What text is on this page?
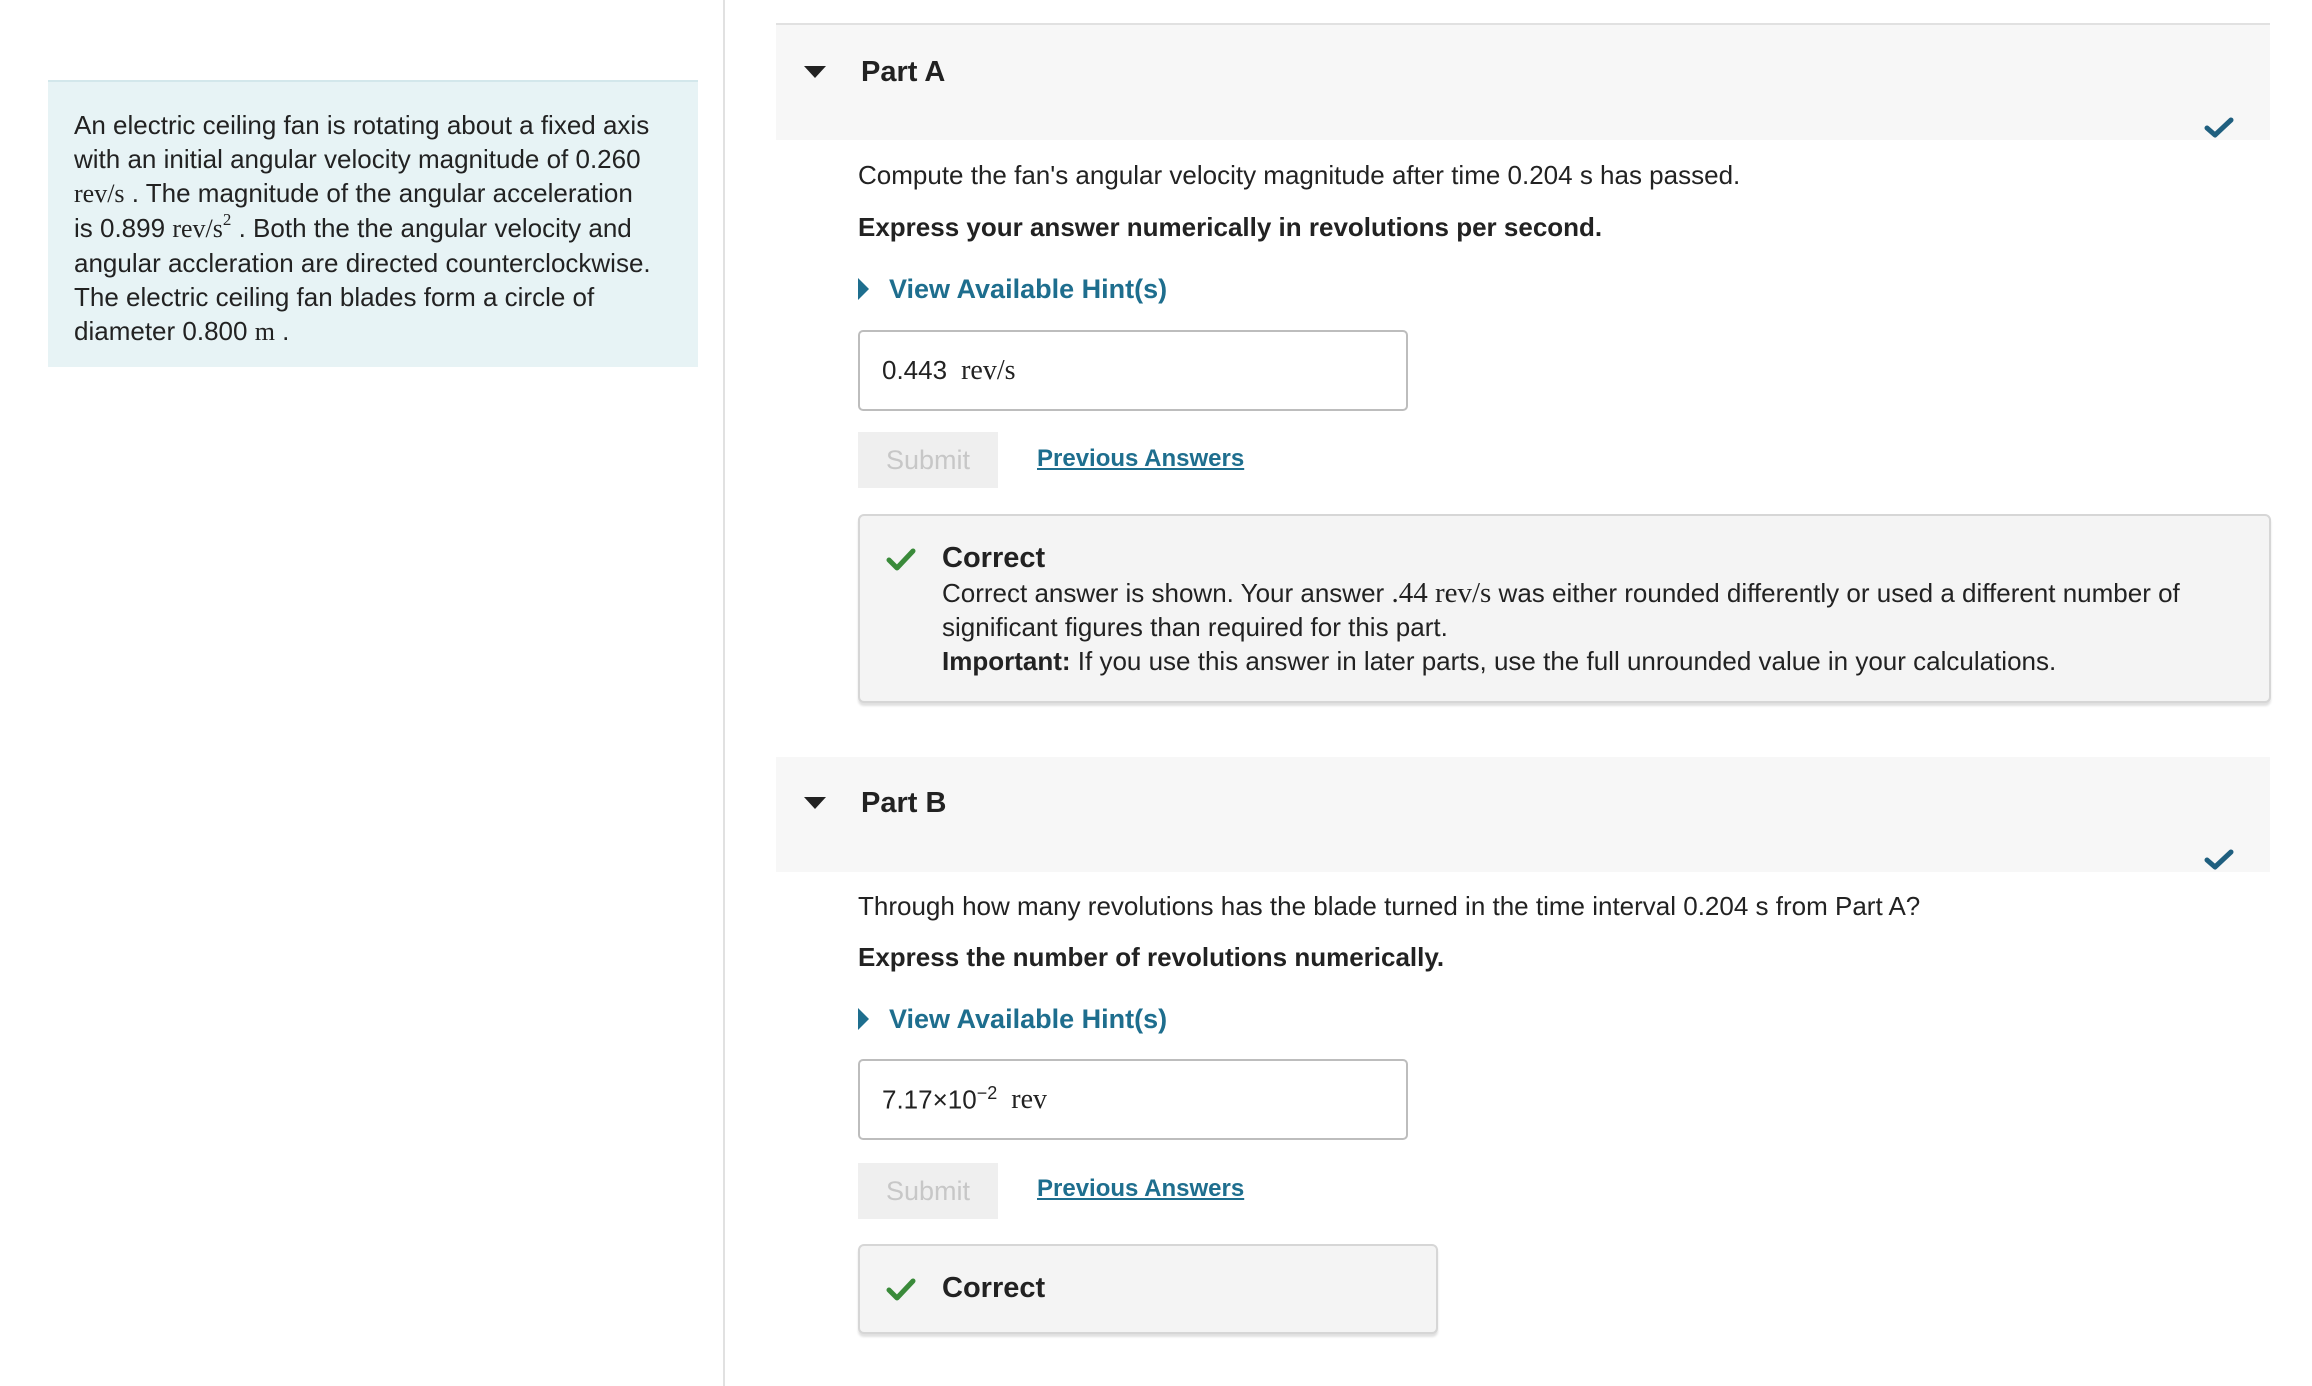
An electric ceiling fan is rotating about a fixed axis
with an initial angular velocity magnitude of 0.260
rev/s . The magnitude of the angular acceleration
is 0.899 rev/$s^2$ . Both the the angular velocity and
angular accleration are directed counterclockwise.
The electric ceiling fan blades form a circle of
diameter 0.800 m .
Part A
Compute the fan's angular velocity magnitude after time 0.204 s has passed.
Express your answer numerically in revolutions per second.
View Available Hint(s)
0.443 rev/s
Submit	Previous Answers
Correct
Correct answer is shown. Your answer .44 rev/s was either rounded differently or used a different number of
significant figures than required for this part.
Important: If you use this answer in later parts, use the full unrounded value in your calculations.
Part B
Through how many revolutions has the blade turned in the time interval 0.204 s from Part A?
Express the number of revolutions numerically.
View Available Hint(s)
$7.17\times 10^{-2}$ rev
Submit	Previous Answers
Correct
